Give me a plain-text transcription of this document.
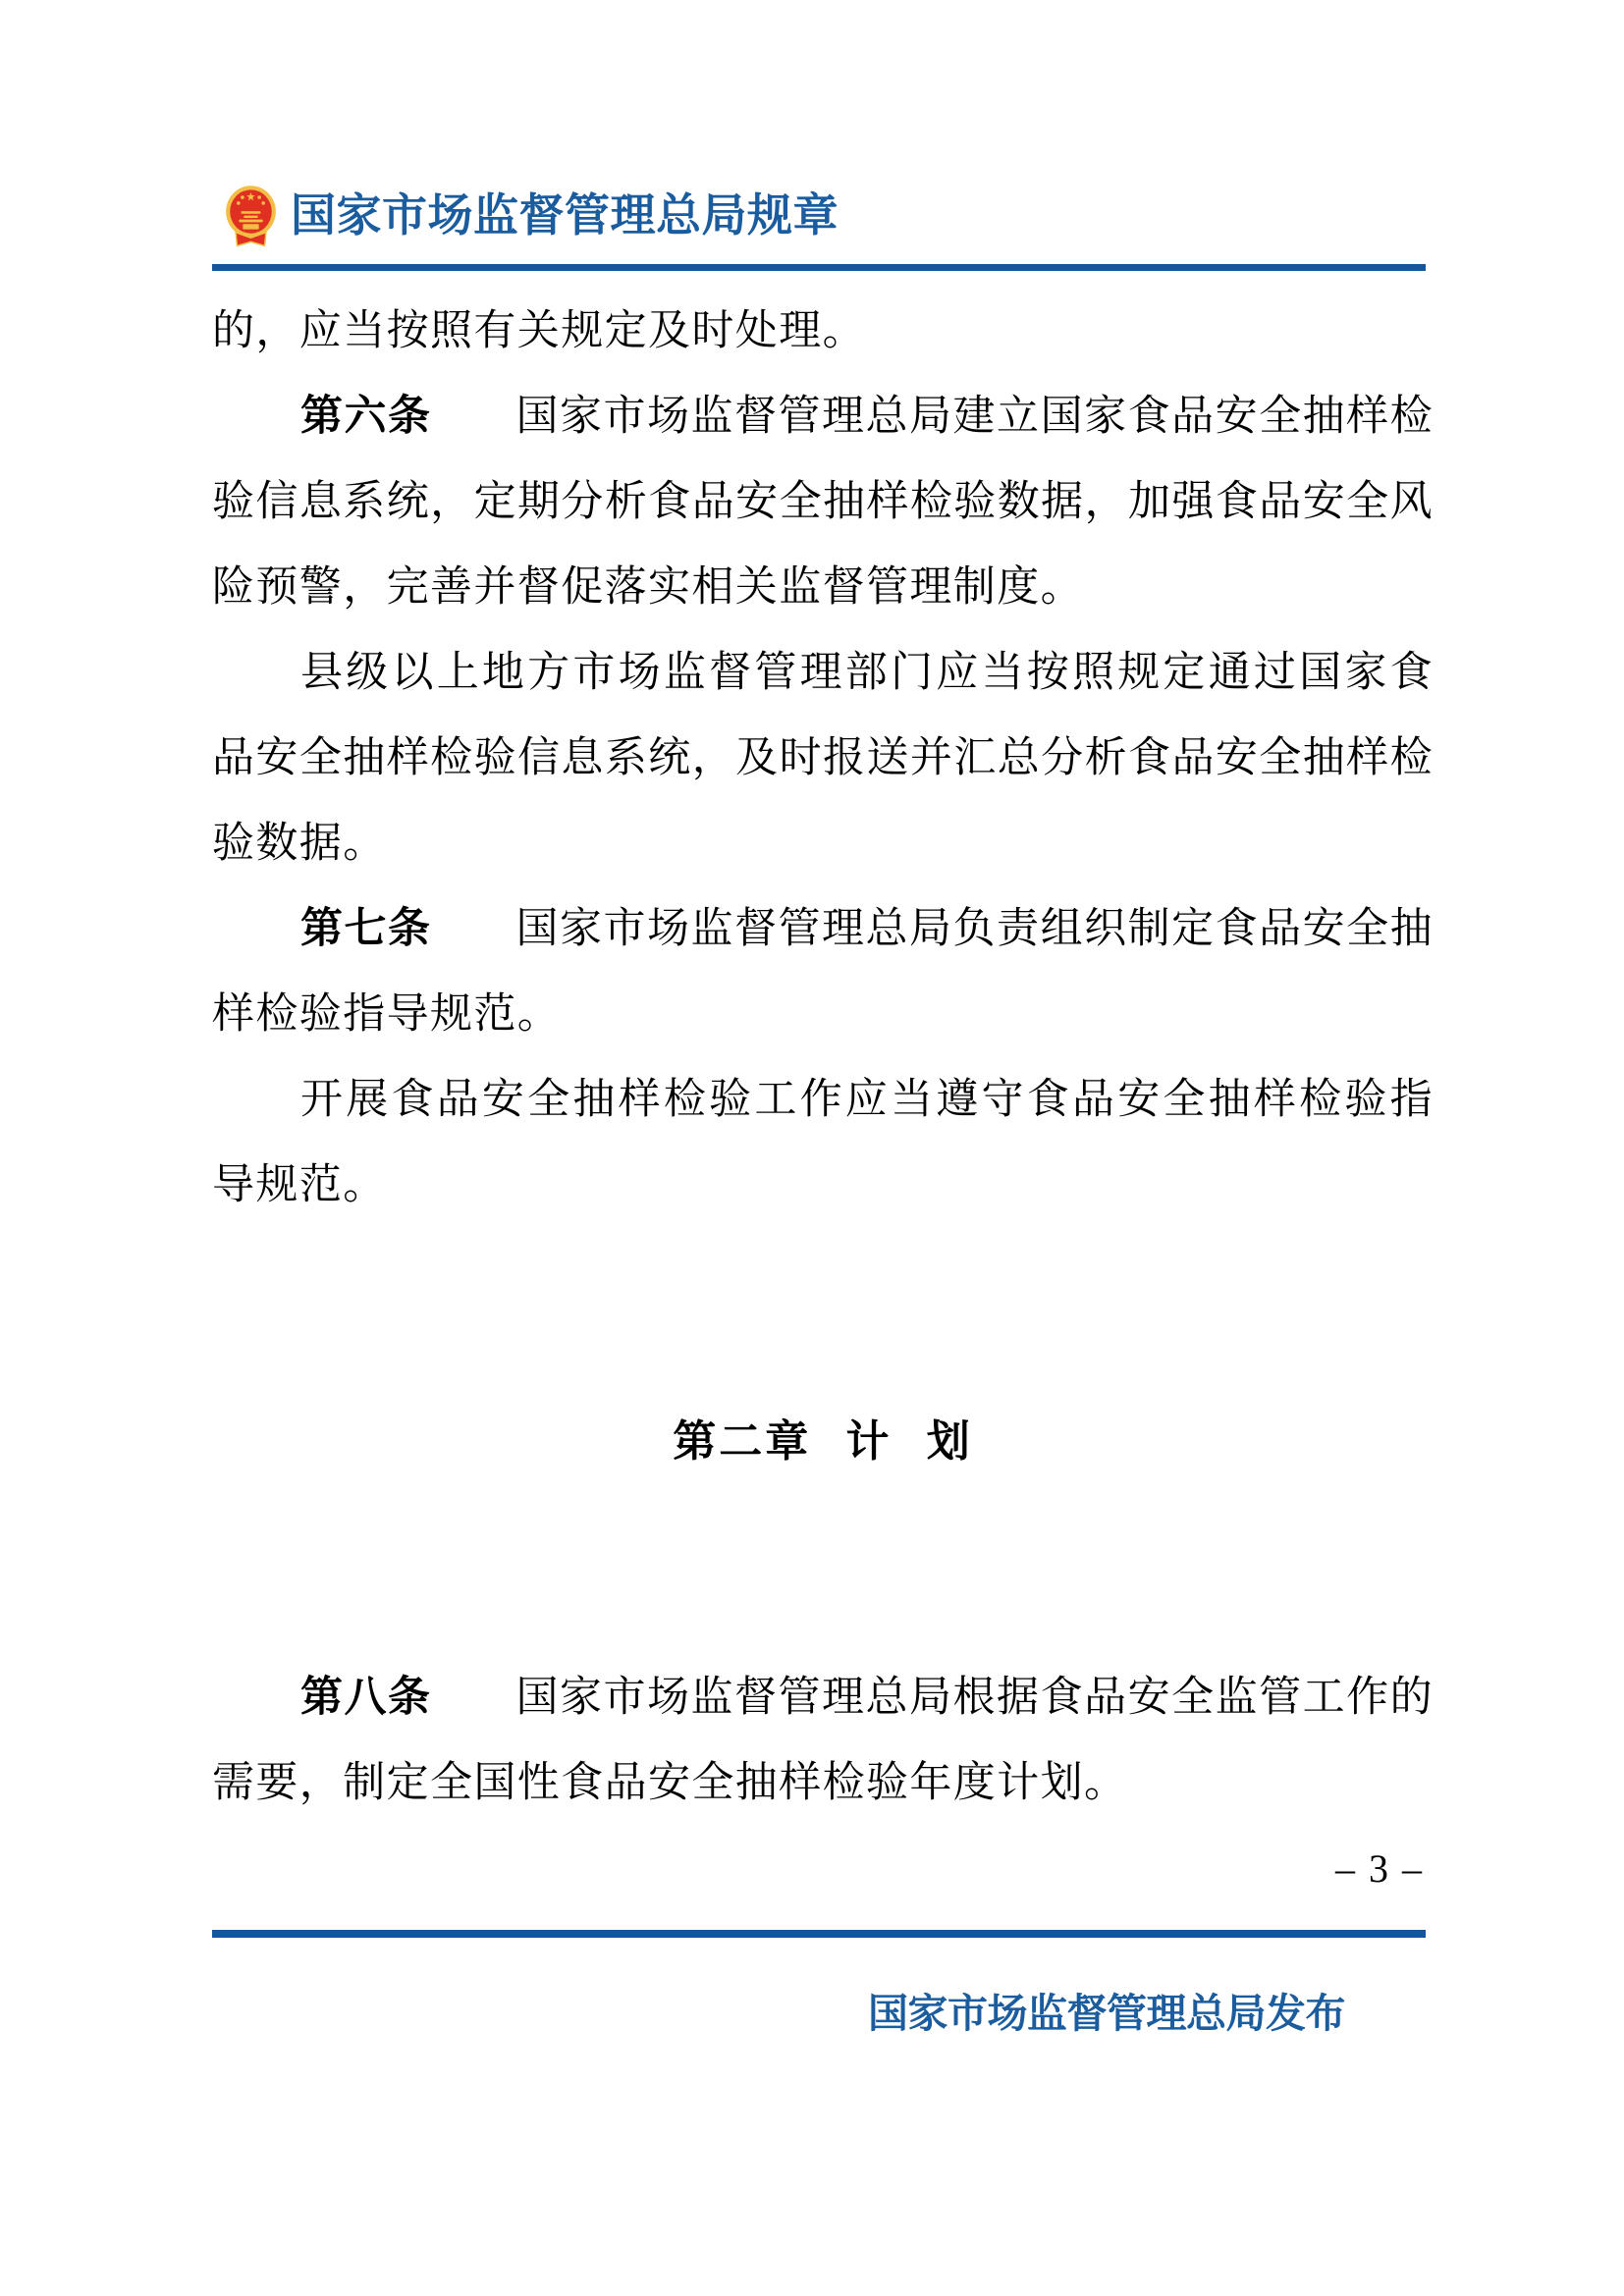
国家市场监督管理总局规章

的，应当按照有关规定及时处理。

第六条 国家市场监督管理总局建立国家食品安全抽样检验信息系统，定期分析食品安全抽样检验数据，加强食品安全风险预警，完善并督促落实相关监督管理制度。

县级以上地方市场监督管理部门应当按照规定通过国家食品安全抽样检验信息系统，及时报送并汇总分析食品安全抽样检验数据。

第七条 国家市场监督管理总局负责组织制定食品安全抽样检验指导规范。

开展食品安全抽样检验工作应当遵守食品安全抽样检验指导规范。

第二章 计 划

第八条 国家市场监督管理总局根据食品安全监管工作的需要，制定全国性食品安全抽样检验年度计划。

– 3 –
国家市场监督管理总局发布
